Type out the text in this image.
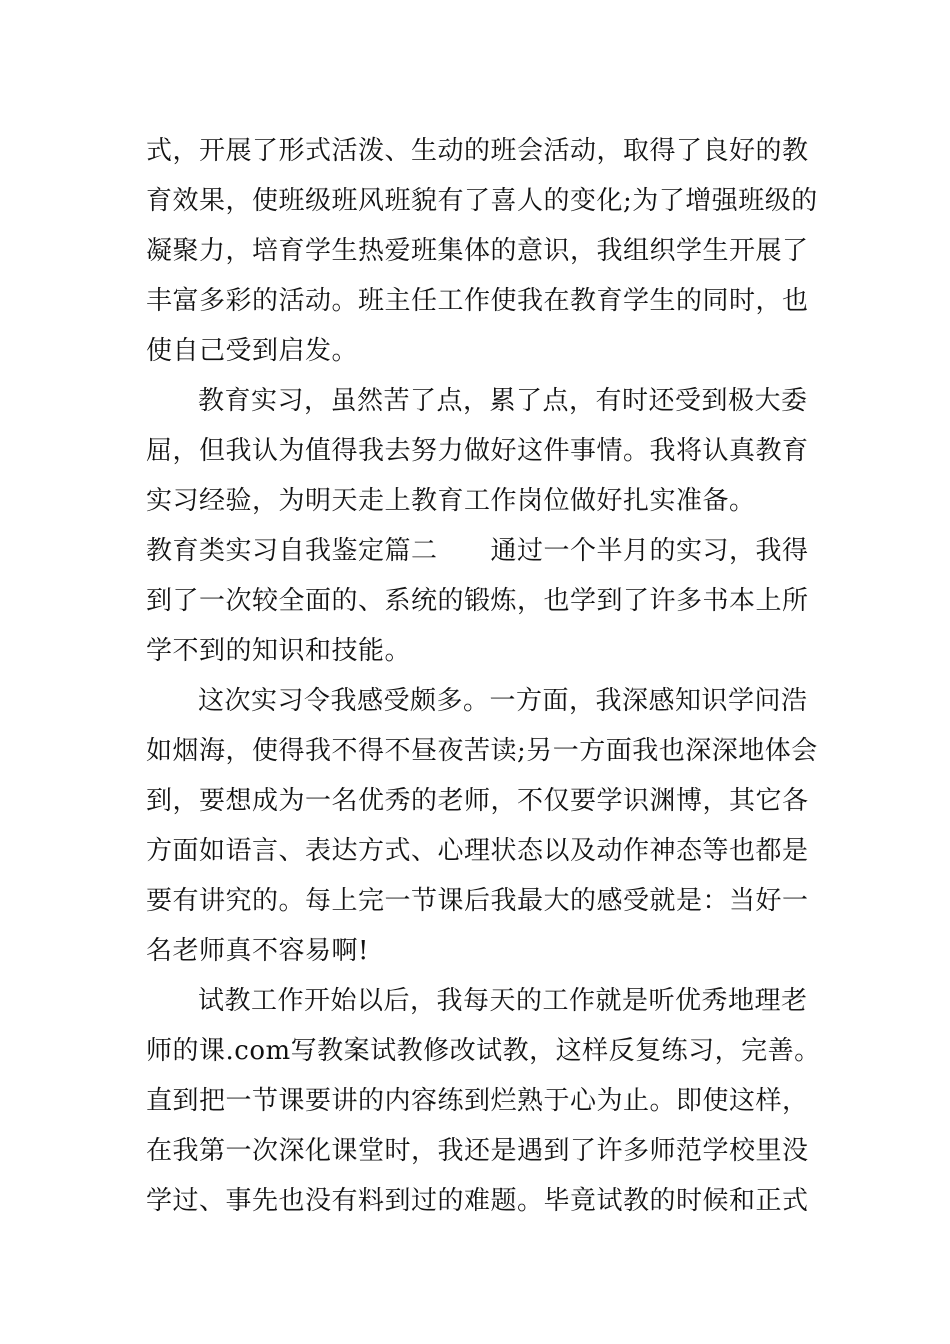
式，开展了形式活泼、生动的班会活动，取得了良好的教
育效果，使班级班风班貌有了喜人的变化;为了增强班级的
凝聚力，培育学生热爱班集体的意识，我组织学生开展了
丰富多彩的活动。班主任工作使我在教育学生的同时，也
使自己受到启发。
教育实习，虽然苦了点，累了点，有时还受到极大委
屈，但我认为值得我去努力做好这件事情。我将认真教育
实习经验，为明天走上教育工作岗位做好扎实准备。
教育类实习自我鉴定篇二　　通过一个半月的实习，我得
到了一次较全面的、系统的锻炼，也学到了许多书本上所
学不到的知识和技能。
这次实习令我感受颇多。一方面，我深感知识学问浩
如烟海，使得我不得不昼夜苦读;另一方面我也深深地体会
到，要想成为一名优秀的老师，不仅要学识渊博，其它各
方面如语言、表达方式、心理状态以及动作神态等也都是
要有讲究的。每上完一节课后我最大的感受就是：当好一
名老师真不容易啊!
试教工作开始以后，我每天的工作就是听优秀地理老
师的课.com写教案试教修改试教，这样反复练习，完善。
直到把一节课要讲的内容练到烂熟于心为止。即使这样，
在我第一次深化课堂时，我还是遇到了许多师范学校里没
学过、事先也没有料到过的难题。毕竟试教的时候和正式
